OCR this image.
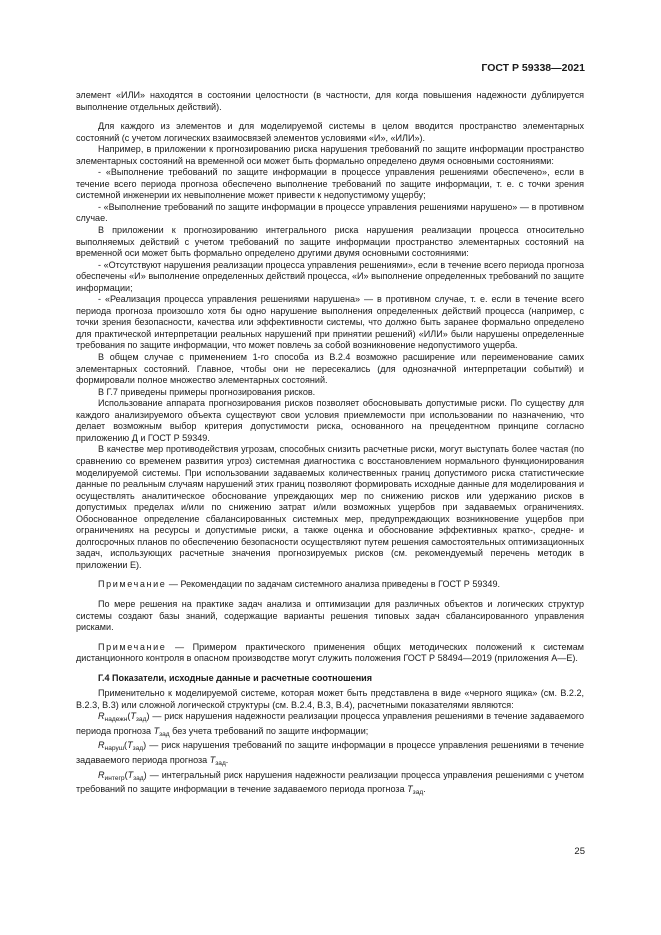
ГОСТ Р 59338—2021

элемент «ИЛИ» находятся в состоянии целостности (в частности, для когда повышения надежности дублируется выполнение отдельных действий).

Для каждого из элементов и для моделируемой системы в целом вводится пространство элементарных состояний (с учетом логических взаимосвязей элементов условиями «И», «ИЛИ»).

Например, в приложении к прогнозированию риска нарушения требований по защите информации пространство элементарных состояний на временной оси может быть формально определено двумя основными состояниями:

- «Выполнение требований по защите информации в процессе управления решениями обеспечено», если в течение всего периода прогноза обеспечено выполнение требований по защите информации, т. е. с точки зрения системной инженерии их невыполнение может привести к недопустимому ущербу;

- «Выполнение требований по защите информации в процессе управления решениями нарушено» — в противном случае.

В приложении к прогнозированию интегрального риска нарушения реализации процесса относительно выполняемых действий с учетом требований по защите информации пространство элементарных состояний на временной оси может быть формально определено другими двумя основными состояниями:

- «Отсутствуют нарушения реализации процесса управления решениями», если в течение всего периода прогноза обеспечены «И» выполнение определенных действий процесса, «И» выполнение определенных требований по защите информации;

- «Реализация процесса управления решениями нарушена» — в противном случае, т. е. если в течение всего периода прогноза произошло хотя бы одно нарушение выполнения определенных действий процесса (например, с точки зрения безопасности, качества или эффективности системы, что должно быть заранее формально определено для практической интерпретации реальных нарушений при принятии решений) «ИЛИ» были нарушены определенные требования по защите информации, что может повлечь за собой возникновение недопустимого ущерба.

В общем случае с применением 1-го способа из В.2.4 возможно расширение или переименование самих элементарных состояний. Главное, чтобы они не пересекались (для однозначной интерпретации событий) и формировали полное множество элементарных состояний.

В Г.7 приведены примеры прогнозирования рисков.

Использование аппарата прогнозирования рисков позволяет обосновывать допустимые риски. По существу для каждого анализируемого объекта существуют свои условия приемлемости при использовании по назначению, что делает возможным выбор критерия допустимости риска, основанного на прецедентном принципе согласно приложению Д и ГОСТ Р 59349.

В качестве мер противодействия угрозам, способных снизить расчетные риски, могут выступать более частая (по сравнению со временем развития угроз) системная диагностика с восстановлением нормального функционирования моделируемой системы. При использовании задаваемых количественных границ допустимого риска статистические данные по реальным случаям нарушений этих границ позволяют формировать исходные данные для моделирования и осуществлять аналитическое обоснование упреждающих мер по снижению рисков или удержанию рисков в допустимых пределах и/или по снижению затрат и/или возможных ущербов при задаваемых ограничениях. Обоснованное определение сбалансированных системных мер, предупреждающих возникновение ущербов при ограничениях на ресурсы и допустимые риски, а также оценка и обоснование эффективных кратко-, средне- и долгосрочных планов по обеспечению безопасности осуществляют путем решения самостоятельных оптимизационных задач, использующих расчетные значения прогнозируемых рисков (см. рекомендуемый перечень методик в приложении Е).

Примечание — Рекомендации по задачам системного анализа приведены в ГОСТ Р 59349.

По мере решения на практике задач анализа и оптимизации для различных объектов и логических структур системы создают базы знаний, содержащие варианты решения типовых задач сбалансированного управления рисками.

Примечание — Примером практического применения общих методических положений к системам дистанционного контроля в опасном производстве могут служить положения ГОСТ Р 58494—2019 (приложения А—Е).

Г.4 Показатели, исходные данные и расчетные соотношения

Применительно к моделируемой системе, которая может быть представлена в виде «черного ящика» (см. В.2.2, В.2.3, В.3) или сложной логической структуры (см. В.2.4, В.3, В.4), расчетными показателями являются:

$R_{надежн}(T_{зад})$ — риск нарушения надежности реализации процесса управления решениями в течение задаваемого периода прогноза $T_{зад}$ без учета требований по защите информации;

$R_{наруш}(T_{зад})$ — риск нарушения требований по защите информации в процессе управления решениями в течение задаваемого периода прогноза $T_{зад}$.

$R_{интегр}(T_{зад})$ — интегральный риск нарушения надежности реализации процесса управления решениями с учетом требований по защите информации в течение задаваемого периода прогноза $T_{зад}$.

25
